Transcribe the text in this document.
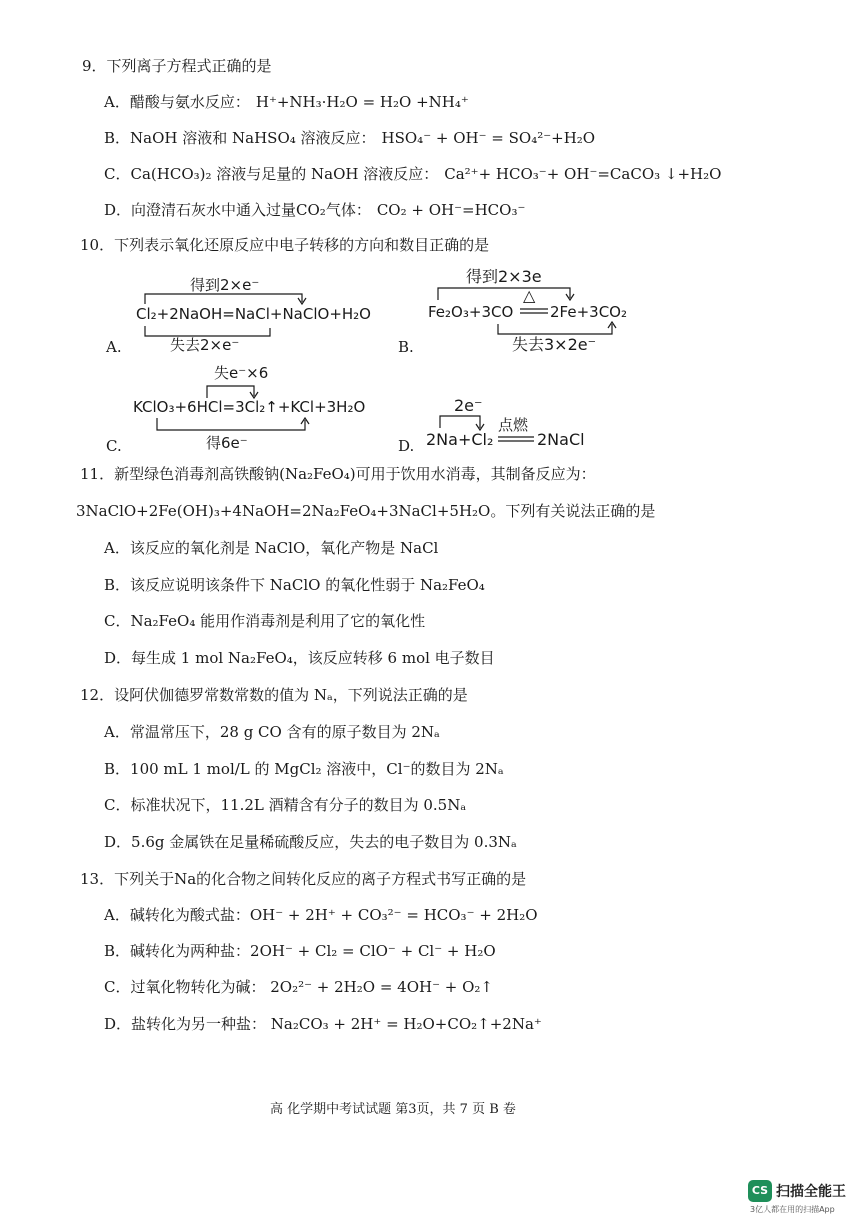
9．下列离子方程式正确的是
A．醋酸与氨水反应： H⁺+NH₃·H₂O = H₂O +NH₄⁺
B．NaOH 溶液和 NaHSO₄ 溶液反应： HSO₄⁻ + OH⁻ = SO₄²⁻+H₂O
C．Ca(HCO₃)₂ 溶液与足量的 NaOH 溶液反应： Ca²⁺+ HCO₃⁻+ OH⁻=CaCO₃ ↓+H₂O
D．向澄清石灰水中通入过量CO₂气体： CO₂ + OH⁻=HCO₃⁻
10．下列表示氧化还原反应中电子转移的方向和数目正确的是
得到2×e⁻
Cl₂+2NaOH=NaCl+NaClO+H₂O
失去2×e⁻
A.
得到2×3e
Fe₂O₃+3CO
△
2Fe+3CO₂
失去3×2e⁻
B.
失e⁻×6
KClO₃+6HCl=3Cl₂↑+KCl+3H₂O
得6e⁻
C.
2e⁻
2Na+Cl₂
点燃
2NaCl
D.
11．新型绿色消毒剂高铁酸钠(Na₂FeO₄)可用于饮用水消毒，其制备反应为：
3NaClO+2Fe(OH)₃+4NaOH=2Na₂FeO₄+3NaCl+5H₂O。下列有关说法正确的是
A．该反应的氧化剂是 NaClO，氧化产物是 NaCl
B．该反应说明该条件下 NaClO 的氧化性弱于 Na₂FeO₄
C．Na₂FeO₄ 能用作消毒剂是利用了它的氧化性
D．每生成 1 mol Na₂FeO₄，该反应转移 6 mol 电子数目
12．设阿伏伽德罗常数常数的值为 Nₐ，下列说法正确的是
A．常温常压下，28 g CO 含有的原子数目为 2Nₐ
B．100 mL 1 mol/L 的 MgCl₂ 溶液中，Cl⁻的数目为 2Nₐ
C．标准状况下，11.2L 酒精含有分子的数目为 0.5Nₐ
D．5.6g 金属铁在足量稀硫酸反应，失去的电子数目为 0.3Nₐ
13．下列关于Na的化合物之间转化反应的离子方程式书写正确的是
A．碱转化为酸式盐：OH⁻ + 2H⁺ + CO₃²⁻ = HCO₃⁻ + 2H₂O
B．碱转化为两种盐：2OH⁻ + Cl₂ = ClO⁻ + Cl⁻ + H₂O
C．过氧化物转化为碱： 2O₂²⁻ + 2H₂O = 4OH⁻ + O₂↑
D．盐转化为另一种盐： Na₂CO₃ + 2H⁺ = H₂O+CO₂↑+2Na⁺
高 化学期中考试试题 第3页，共 7 页 B 卷
CS 扫描全能王
3亿人都在用的扫描App
